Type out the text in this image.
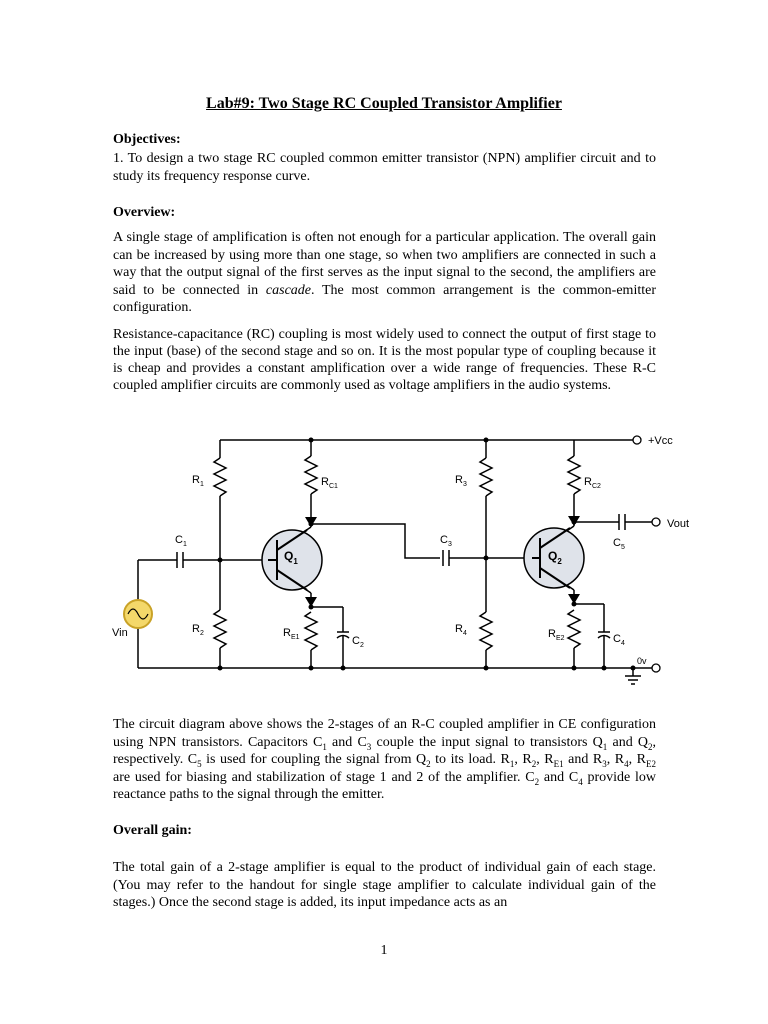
Lab#9: Two Stage RC Coupled Transistor Amplifier
Objectives:
1. To design a two stage RC coupled common emitter transistor (NPN) amplifier circuit and to study its frequency response curve.
Overview:
A single stage of amplification is often not enough for a particular application. The overall gain can be increased by using more than one stage, so when two amplifiers are connected in such a way that the output signal of the first serves as the input signal to the second, the amplifiers are said to be connected in cascade. The most common arrangement is the common-emitter configuration.
Resistance-capacitance (RC) coupling is most widely used to connect the output of first stage to the input (base) of the second stage and so on. It is the most popular type of coupling because it is cheap and provides a constant amplification over a wide range of frequencies. These R-C coupled amplifier circuits are commonly used as voltage amplifiers in the audio systems.
+Vcc
Vout
Vin
0v
$R_1$
$R_2$
$R_3$
$R_4$
$R_{C1}$	$R_{C2}$
$R_{E1}$	$R_{E2}$
$C_1$
$C_2$
$C_3$
$C_4$
$C_5$
$Q_1$	$Q_2$
The circuit diagram above shows the 2-stages of an R-C coupled amplifier in CE configuration using NPN transistors. Capacitors $C_1$ and $C_3$ couple the input signal to transistors $Q_1$ and $Q_2$, respectively. $C_5$ is used for coupling the signal from $Q_2$ to its load. $R_1$, $R_2$, $R_{E1}$ and $R_3$, $R_4$, $R_{E2}$ are used for biasing and stabilization of stage 1 and 2 of the amplifier. $C_2$ and $C_4$ provide low reactance paths to the signal through the emitter.
Overall gain:
The total gain of a 2-stage amplifier is equal to the product of individual gain of each stage. (You may refer to the handout for single stage amplifier to calculate individual gain of the stages.) Once the second stage is added, its input impedance acts as an
1
